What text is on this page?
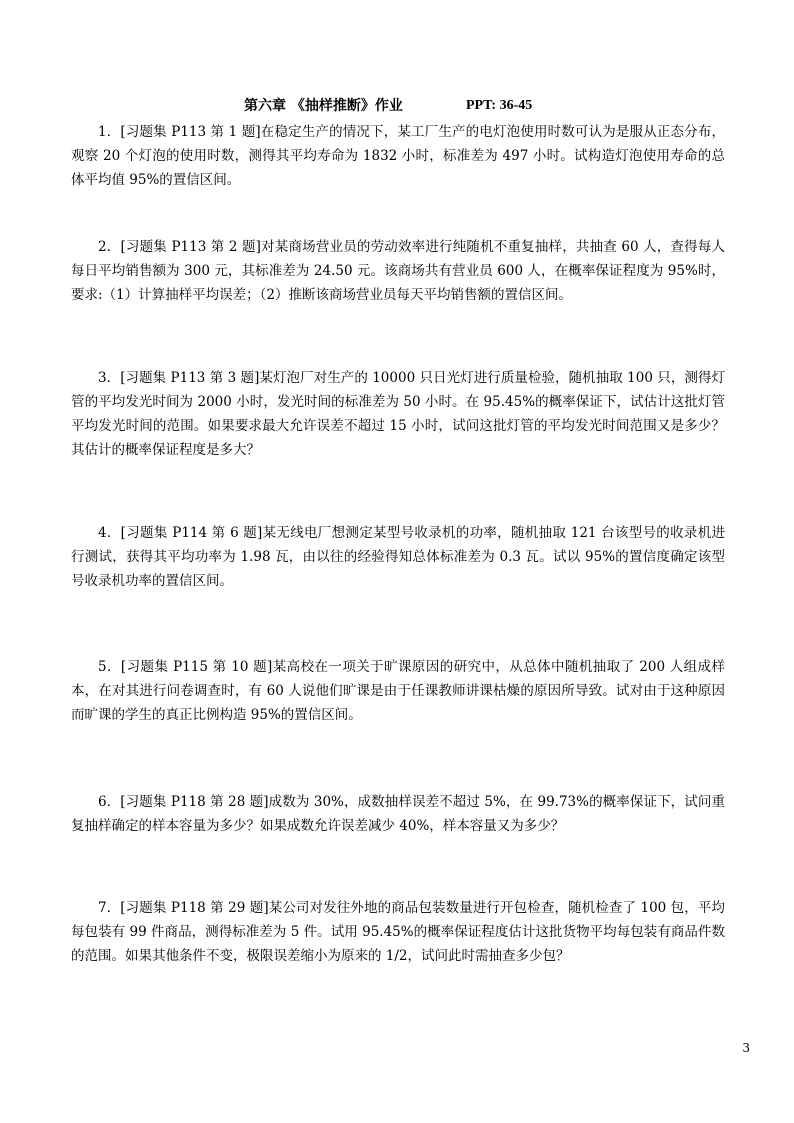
第六章 《抽样推断》作业	PPT: 36-45

1．[习题集 P113 第 1 题]在稳定生产的情况下，某工厂生产的电灯泡使用时数可认为是服从正态分布，观察 20 个灯泡的使用时数，测得其平均寿命为 1832 小时，标准差为 497 小时。试构造灯泡使用寿命的总体平均值 95%的置信区间。

2．[习题集 P113 第 2 题]对某商场营业员的劳动效率进行纯随机不重复抽样，共抽查 60 人，查得每人每日平均销售额为 300 元，其标准差为 24.50 元。该商场共有营业员 600 人，在概率保证程度为 95%时，要求:（1）计算抽样平均误差；（2）推断该商场营业员每天平均销售额的置信区间。

3．[习题集 P113 第 3 题]某灯泡厂对生产的 10000 只日光灯进行质量检验，随机抽取 100 只，测得灯管的平均发光时间为 2000 小时，发光时间的标准差为 50 小时。在 95.45%的概率保证下，试估计这批灯管平均发光时间的范围。如果要求最大允许误差不超过 15 小时，试问这批灯管的平均发光时间范围又是多少？其估计的概率保证程度是多大？

4．[习题集 P114 第 6 题]某无线电厂想测定某型号收录机的功率，随机抽取 121 台该型号的收录机进行测试，获得其平均功率为 1.98 瓦，由以往的经验得知总体标准差为 0.3 瓦。试以 95%的置信度确定该型号收录机功率的置信区间。

5．[习题集 P115 第 10 题]某高校在一项关于旷课原因的研究中，从总体中随机抽取了 200 人组成样本，在对其进行问卷调查时，有 60 人说他们旷课是由于任课教师讲课枯燥的原因所导致。试对由于这种原因而旷课的学生的真正比例构造 95%的置信区间。

6．[习题集 P118 第 28 题]成数为 30%，成数抽样误差不超过 5%，在 99.73%的概率保证下，试问重复抽样确定的样本容量为多少？如果成数允许误差减少 40%，样本容量又为多少？

7．[习题集 P118 第 29 题]某公司对发往外地的商品包装数量进行开包检查，随机检查了 100 包，平均每包装有 99 件商品，测得标准差为 5 件。试用 95.45%的概率保证程度估计这批货物平均每包装有商品件数的范围。如果其他条件不变，极限误差缩小为原来的 1/2，试问此时需抽查多少包？

3
